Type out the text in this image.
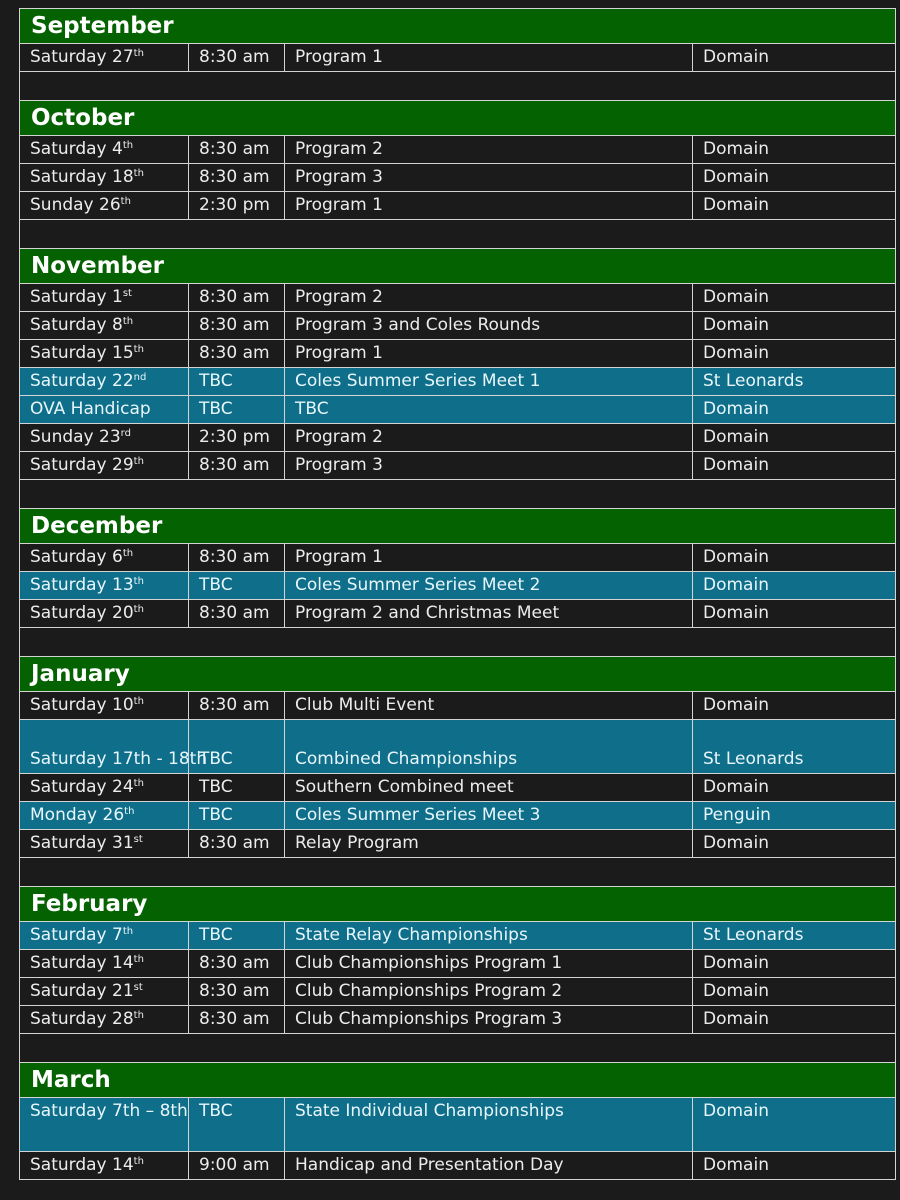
September			
Saturday 27th	8:30 am	Program 1	Domain

October			
Saturday 4th	8:30 am	Program 2	Domain
Saturday 18th	8:30 am	Program 3	Domain
Sunday 26th	2:30 pm	Program 1	Domain

November			
Saturday 1st	8:30 am	Program 2	Domain
Saturday 8th	8:30 am	Program 3 and Coles Rounds	Domain
Saturday 15th	8:30 am	Program 1	Domain
Saturday 22nd	TBC	Coles Summer Series Meet 1	St Leonards
OVA Handicap	TBC	TBC	Domain
Sunday 23rd	2:30 pm	Program 2	Domain
Saturday 29th	8:30 am	Program 3	Domain

December			
Saturday 6th	8:30 am	Program 1	Domain
Saturday 13th	TBC	Coles Summer Series Meet 2	Domain
Saturday 20th	8:30 am	Program 2 and Christmas Meet	Domain

January			
Saturday 10th	8:30 am	Club Multi Event	Domain
Saturday 17th - 18th	TBC	Combined Championships	St Leonards
Saturday 24th	TBC	Southern Combined meet	Domain
Monday 26th	TBC	Coles Summer Series Meet 3	Penguin
Saturday 31st	8:30 am	Relay Program	Domain

February			
Saturday 7th	TBC	State Relay Championships	St Leonards
Saturday 14th	8:30 am	Club Championships Program 1	Domain
Saturday 21st	8:30 am	Club Championships Program 2	Domain
Saturday 28th	8:30 am	Club Championships Program 3	Domain

March			
Saturday 7th – 8th	TBC	State Individual Championships	Domain
Saturday 14th	9:00 am	Handicap and Presentation Day	Domain
